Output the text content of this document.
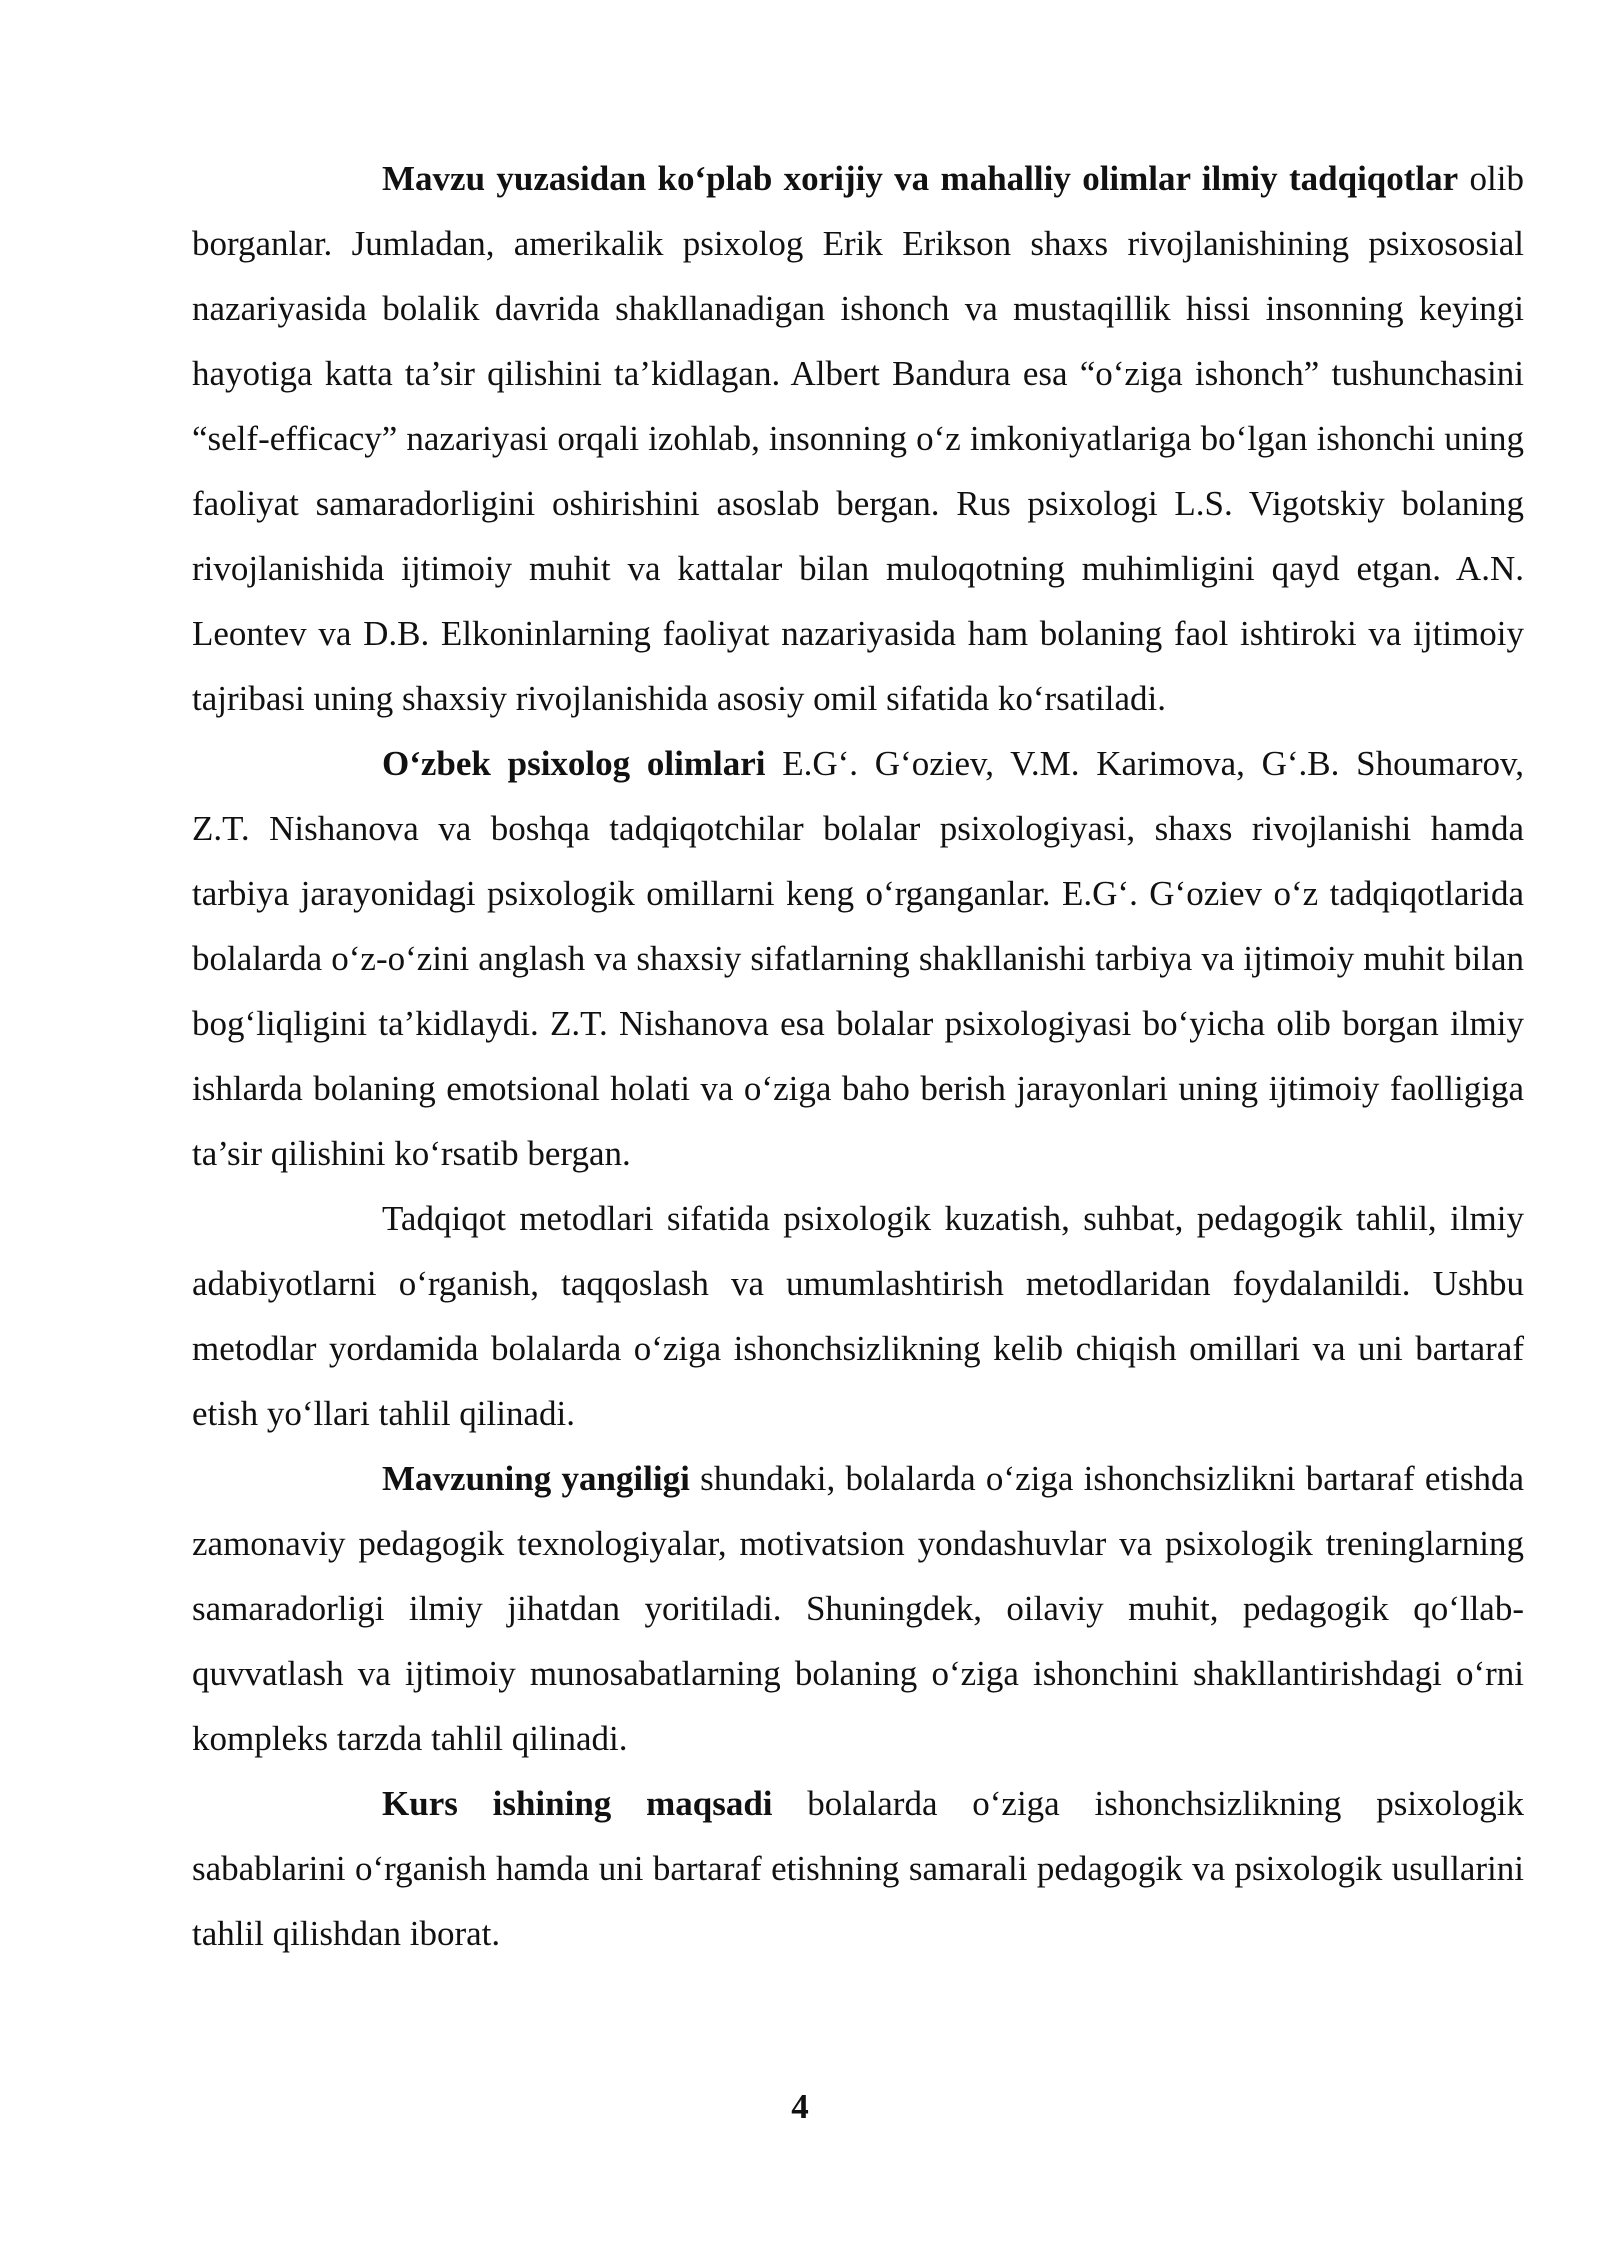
Mavzu yuzasidan ko‘plab xorijiy va mahalliy olimlar ilmiy tadqiqotlar olib borganlar. Jumladan, amerikalik psixolog Erik Erikson shaxs rivojlanishining psixososial nazariyasida bolalik davrida shakllanadigan ishonch va mustaqillik hissi insonning keyingi hayotiga katta ta’sir qilishini ta’kidlagan. Albert Bandura esa “o‘ziga ishonch” tushunchasini “self-efficacy” nazariyasi orqali izohlab, insonning o‘z imkoniyatlariga bo‘lgan ishonchi uning faoliyat samaradorligini oshirishini asoslab bergan. Rus psixologi L.S. Vigotskiy bolaning rivojlanishida ijtimoiy muhit va kattalar bilan muloqotning muhimligini qayd etgan. A.N. Leontev va D.B. Elkoninlarning faoliyat nazariyasida ham bolaning faol ishtiroki va ijtimoiy tajribasi uning shaxsiy rivojlanishida asosiy omil sifatida ko‘rsatiladi.

O‘zbek psixolog olimlari E.G‘. G‘oziev, V.M. Karimova, G‘.B. Shoumarov, Z.T. Nishanova va boshqa tadqiqotchilar bolalar psixologiyasi, shaxs rivojlanishi hamda tarbiya jarayonidagi psixologik omillarni keng o‘rganganlar. E.G‘. G‘oziev o‘z tadqiqotlarida bolalarda o‘z-o‘zini anglash va shaxsiy sifatlarning shakllanishi tarbiya va ijtimoiy muhit bilan bog‘liqligini ta’kidlaydi. Z.T. Nishanova esa bolalar psixologiyasi bo‘yicha olib borgan ilmiy ishlarda bolaning emotsional holati va o‘ziga baho berish jarayonlari uning ijtimoiy faolligiga ta’sir qilishini ko‘rsatib bergan.

Tadqiqot metodlari sifatida psixologik kuzatish, suhbat, pedagogik tahlil, ilmiy adabiyotlarni o‘rganish, taqqoslash va umumlashtirish metodlaridan foydalanildi. Ushbu metodlar yordamida bolalarda o‘ziga ishonchsizlikning kelib chiqish omillari va uni bartaraf etish yo‘llari tahlil qilinadi.

Mavzuning yangiligi shundaki, bolalarda o‘ziga ishonchsizlikni bartaraf etishda zamonaviy pedagogik texnologiyalar, motivatsion yondashuvlar va psixologik treninglarning samaradorligi ilmiy jihatdan yoritiladi. Shuningdek, oilaviy muhit, pedagogik qo‘llab-quvvatlash va ijtimoiy munosabatlarning bolaning o‘ziga ishonchini shakllantirishdagi o‘rni kompleks tarzda tahlil qilinadi.

Kurs ishining maqsadi bolalarda o‘ziga ishonchsizlikning psixologik sabablarini o‘rganish hamda uni bartaraf etishning samarali pedagogik va psixologik usullarini tahlil qilishdan iborat.

4
